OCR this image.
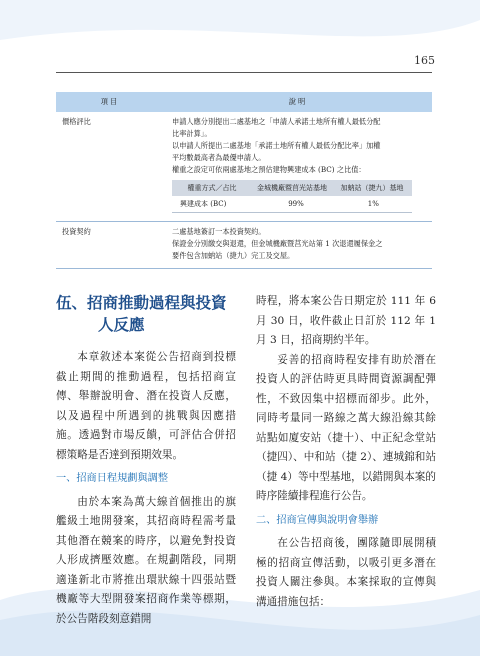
165
項目	說明
價格評比	申請人應分別提出二處基地之「申請人承諾土地所有權人最低分配
比率計算」。
以申請人所提出二處基地「承諾土地所有權人最低分配比率」加權
平均數最高者為最優申請人。
權重之設定可依兩處基地之預估建物興建成本 (BC) 之比值：
權重方式／占比	金城機廠暨莒光站基地	加蚋站（捷九）基地
興建成本 (BC)	99%	1%
投資契約	二處基地簽訂一本投資契約。
保證金分別繳交與退還，但金城機廠暨莒光站第 1 次退還履保金之
要件包含加蚋站（捷九）完工及交屋。
伍、招商推動過程與投資
人反應

本章敘述本案從公告招商到投標截止期間的推動過程，包括招商宣傳、舉辦說明會、潛在投資人反應，以及過程中所遇到的挑戰與因應措施。透過對市場反饋，可評估合併招標策略是否達到預期效果。

一、招商日程規劃與調整

由於本案為萬大線首個推出的旗艦級土地開發案，其招商時程需考量其他潛在競案的時序，以避免對投資人形成擠壓效應。在規劃階段，同期適逢新北市將推出環狀線十四張站暨機廠等大型開發案招商作業等標期，於公告階段刻意錯開

時程，將本案公告日期定於 111 年 6 月 30 日，收件截止日訂於 112 年 1 月 3 日，招商期約半年。

妥善的招商時程安排有助於潛在投資人的評估時更具時間資源調配彈性，不致因集中招標而卻步。此外，同時考量同一路線之萬大線沿線其餘站點如廈安站（捷十）、中正紀念堂站（捷四）、中和站（捷 2）、連城錦和站（捷 4）等中型基地，以錯開與本案的時序陸續排程進行公告。

二、招商宣傳與說明會舉辦

在公告招商後，團隊隨即展開積極的招商宣傳活動，以吸引更多潛在投資人關注參與。本案採取的宣傳與溝通措施包括：
